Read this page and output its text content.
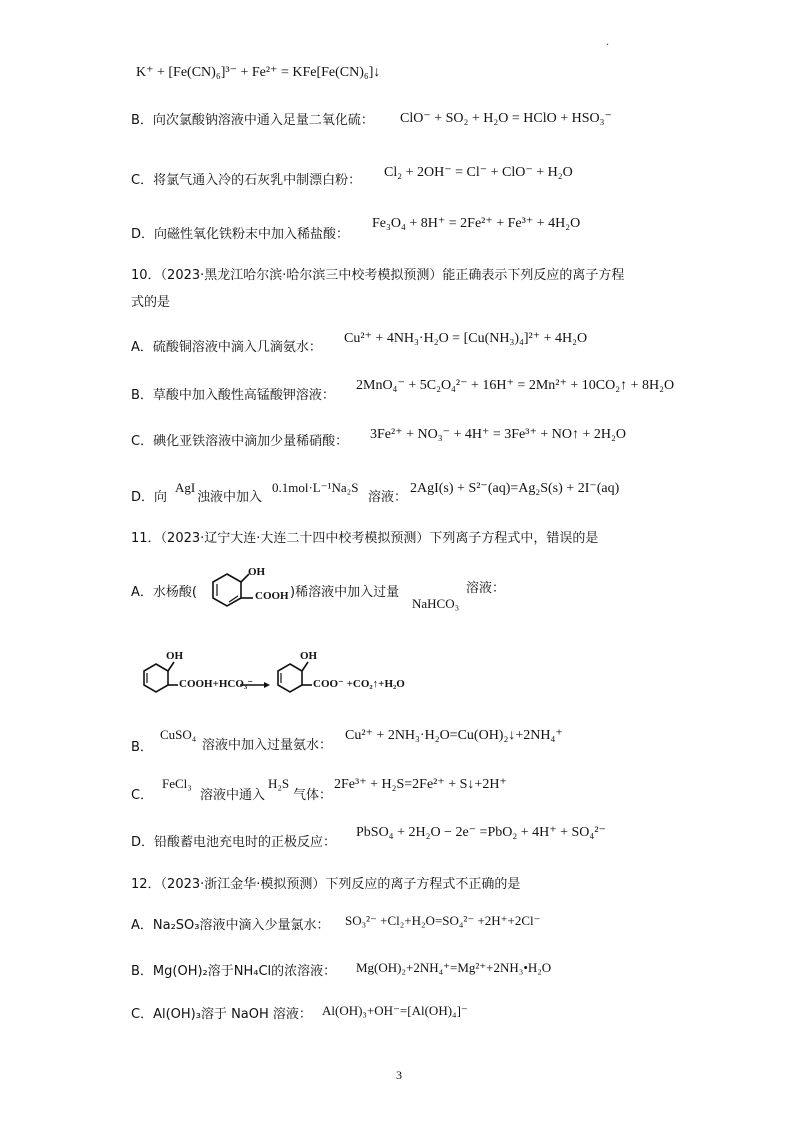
·
K⁺ + [Fe(CN)₆]³⁻ + Fe²⁺ = KFe[Fe(CN)₆]↓
B．向次氯酸钠溶液中通入足量二氧化硫： ClO⁻ + SO₂ + H₂O = HClO + HSO₃⁻
C．将氯气通入冷的石灰乳中制漂白粉：
Cl₂ + 2OH⁻ = Cl⁻ + ClO⁻ + H₂O
D．向磁性氧化铁粉末中加入稀盐酸：
Fe₃O₄ + 8H⁺ = 2Fe²⁺ + Fe³⁺ + 4H₂O
10．（2023·黑龙江哈尔滨·哈尔滨三中校考模拟预测）能正确表示下列反应的离子方程
式的是
A．硫酸铜溶液中滴入几滴氨水：
Cu²⁺ + 4NH₃·H₂O = [Cu(NH₃)₄]²⁺ + 4H₂O
B．草酸中加入酸性高锰酸钾溶液：
2MnO₄⁻ + 5C₂O₄²⁻ + 16H⁺ = 2Mn²⁺ + 10CO₂↑ + 8H₂O
C．碘化亚铁溶液中滴加少量稀硝酸： 3Fe²⁺ + NO₃⁻ + 4H⁺ = 3Fe³⁺ + NO↑ + 2H₂O
D．向
AgI
浊液中加入
0.1mol·L⁻¹Na₂S
溶液：
2AgI(s) + S²⁻(aq)=Ag₂S(s) + 2I⁻(aq)
11．（2023·辽宁大连·大连二十四中校考模拟预测）下列离子方程式中，错误的是
A．水杨酸(
OH
COOH )稀溶液中加入过量
NaHCO₃
溶液：
OH
COOH+HCO₃⁻
OH
COO⁻ +CO₂↑+H₂O
B．
CuSO₄
溶液中加入过量氨水：
Cu²⁺ + 2NH₃·H₂O=Cu(OH)₂↓+2NH₄⁺
C．
FeCl₃
溶液中通入
H₂S
气体：
2Fe³⁺ + H₂S=2Fe²⁺ + S↓+2H⁺
D．铅酸蓄电池充电时的正极反应：
PbSO₄ + 2H₂O − 2e⁻ =PbO₂ + 4H⁺ + SO₄²⁻
12．（2023·浙江金华·模拟预测）下列反应的离子方程式不正确的是
A．Na₂SO₃溶液中滴入少量氯水： SO₃²⁻ +Cl₂+H₂O=SO₄²⁻ +2H⁺+2Cl⁻
B．Mg(OH)₂溶于NH₄Cl的浓溶液： Mg(OH)₂+2NH₄⁺=Mg²⁺+2NH₃•H₂O
C．Al(OH)₃溶于 NaOH 溶液： Al(OH)₃+OH⁻=[Al(OH)₄]⁻
3
